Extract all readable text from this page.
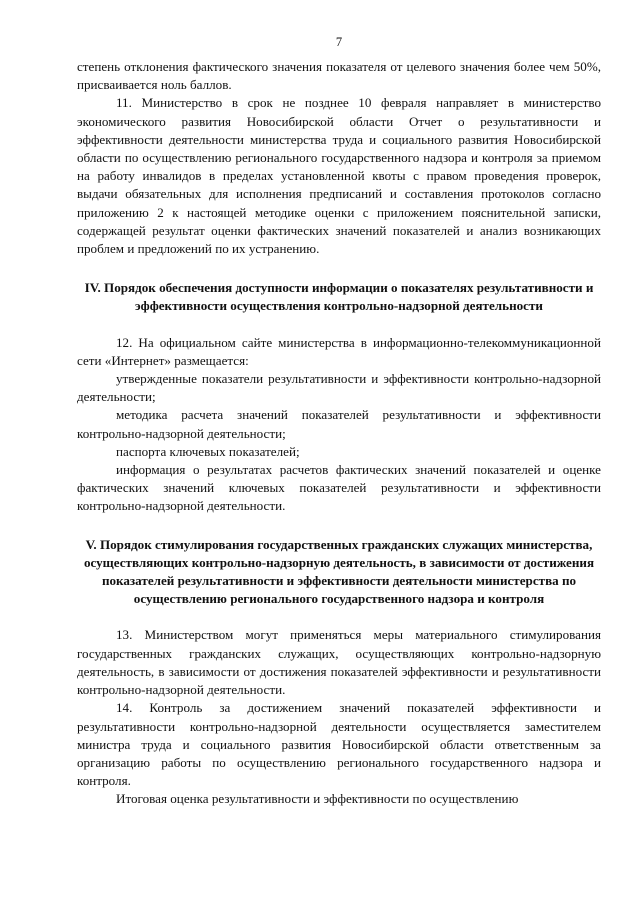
7

степень отклонения фактического значения показателя от целевого значения более чем 50%, присваивается ноль баллов.

11. Министерство в срок не позднее 10 февраля направляет в министерство экономического развития Новосибирской области Отчет о результативности и эффективности деятельности министерства труда и социального развития Новосибирской области по осуществлению регионального государственного надзора и контроля за приемом на работу инвалидов в пределах установленной квоты с правом проведения проверок, выдачи обязательных для исполнения предписаний и составления протоколов согласно приложению 2 к настоящей методике оценки с приложением пояснительной записки, содержащей результат оценки фактических значений показателей и анализ возникающих проблем и предложений по их устранению.

IV. Порядок обеспечения доступности информации о показателях результативности и эффективности осуществления контрольно-надзорной деятельности

12. На официальном сайте министерства в информационно-телекоммуникационной сети «Интернет» размещается:

утвержденные показатели результативности и эффективности контрольно-надзорной деятельности;

методика расчета значений показателей результативности и эффективности контрольно-надзорной деятельности;

паспорта ключевых показателей;

информация о результатах расчетов фактических значений показателей и оценке фактических значений ключевых показателей результативности и эффективности контрольно-надзорной деятельности.

V. Порядок стимулирования государственных гражданских служащих министерства, осуществляющих контрольно-надзорную деятельность, в зависимости от достижения показателей результативности и эффективности деятельности министерства по осуществлению регионального государственного надзора и контроля

13. Министерством могут применяться меры материального стимулирования государственных гражданских служащих, осуществляющих контрольно-надзорную деятельность, в зависимости от достижения показателей эффективности и результативности контрольно-надзорной деятельности.

14. Контроль за достижением значений показателей эффективности и результативности контрольно-надзорной деятельности осуществляется заместителем министра труда и социального развития Новосибирской области ответственным за организацию работы по осуществлению регионального государственного надзора и контроля.

Итоговая оценка результативности и эффективности по осуществлению
